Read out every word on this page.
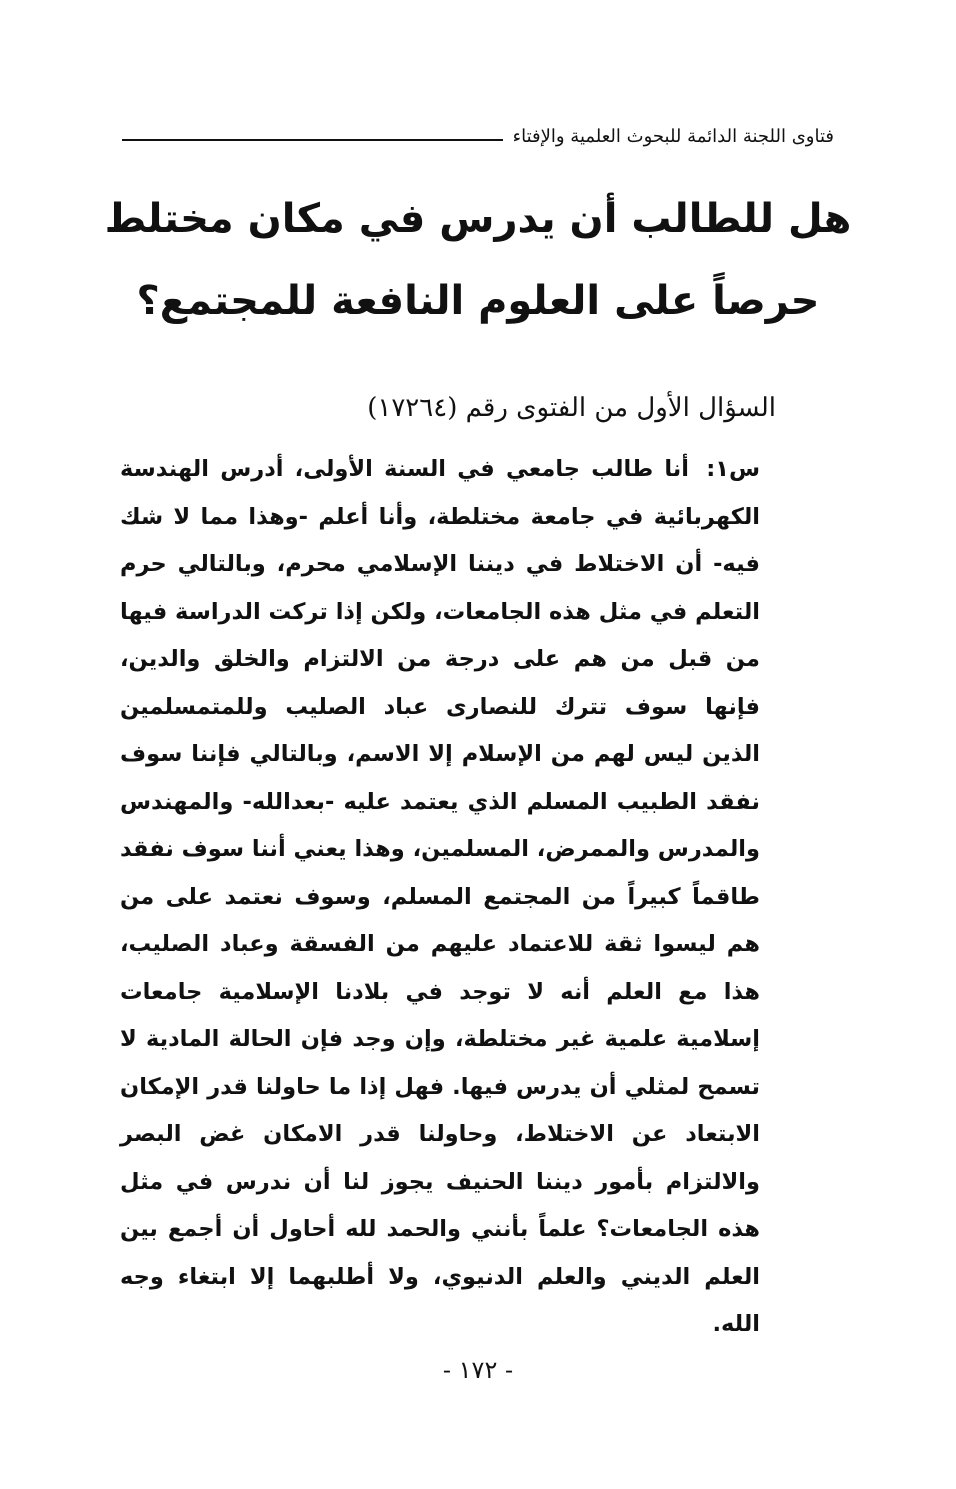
فتاوى اللجنة الدائمة للبحوث العلمية والإفتاء
هل للطالب أن يدرس في مكان مختلط حرصاً على العلوم النافعة للمجتمع؟
السؤال الأول من الفتوى رقم (١٧٢٦٤)
س١: أنا طالب جامعي في السنة الأولى، أدرس الهندسة الكهربائية في جامعة مختلطة، وأنا أعلم -وهذا مما لا شك فيه- أن الاختلاط في ديننا الإسلامي محرم، وبالتالي حرم التعلم في مثل هذه الجامعات، ولكن إذا تركت الدراسة فيها من قبل من هم على درجة من الالتزام والخلق والدين، فإنها سوف تترك للنصارى عباد الصليب وللمتمسلمين الذين ليس لهم من الإسلام إلا الاسم، وبالتالي فإننا سوف نفقد الطبيب المسلم الذي يعتمد عليه -بعدالله- والمهندس والمدرس والممرض، المسلمين، وهذا يعني أننا سوف نفقد طاقماً كبيراً من المجتمع المسلم، وسوف نعتمد على من هم ليسوا ثقة للاعتماد عليهم من الفسقة وعباد الصليب، هذا مع العلم أنه لا توجد في بلادنا الإسلامية جامعات إسلامية علمية غير مختلطة، وإن وجد فإن الحالة المادية لا تسمح لمثلي أن يدرس فيها. فهل إذا ما حاولنا قدر الإمكان الابتعاد عن الاختلاط، وحاولنا قدر الامكان غض البصر والالتزام بأمور ديننا الحنيف يجوز لنا أن ندرس في مثل هذه الجامعات؟ علماً بأنني والحمد لله أحاول أن أجمع بين العلم الديني والعلم الدنيوي، ولا أطلبهما إلا ابتغاء وجه الله.
- ١٧٢ -
